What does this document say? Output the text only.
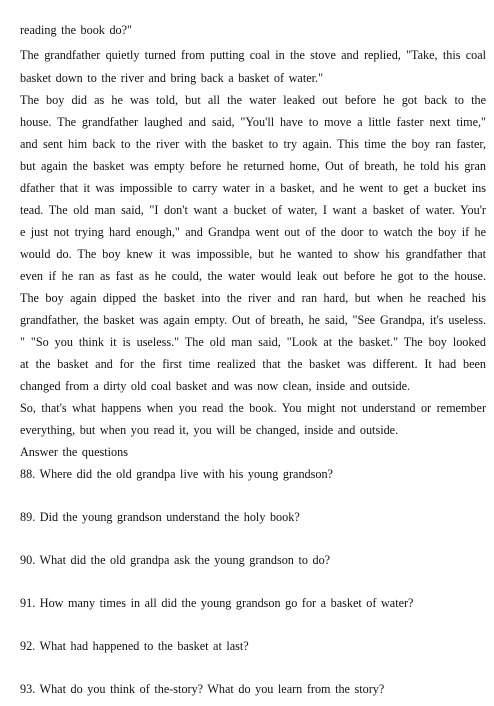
reading the book do?"
The grandfather quietly turned from putting coal in the stove and replied, "Take, this coal
basket down to the river and bring back a basket of water."
The boy did as he was told, but all the water leaked out before he got back to the
house. The grandfather laughed and said, "You'll have to move a little faster next time,"
and sent him back to the river with the basket to try again. This time the boy ran faster,
but again the basket was empty before he returned home, Out of breath, he told his gran
dfather that it was impossible to carry water in a basket, and he went to get a bucket ins
tead. The old man said, "I don't want a bucket of water, I want a basket of water. You'r
e just not trying hard enough," and Grandpa went out of the door to watch the boy if he
would do. The boy knew it was impossible, but he wanted to show his grandfather that
even if he ran as fast as he could, the water would leak out before he got to the house.
The boy again dipped the basket into the river and ran hard, but when he reached his
grandfather, the basket was again empty. Out of breath, he said, "See Grandpa, it's useless.
" "So you think it is useless." The old man said, "Look at the basket." The boy looked
at the basket and for the first time realized that the basket was different. It had been
changed from a dirty old coal basket and was now clean, inside and outside.
So, that's what happens when you read the book. You might not understand or remember
everything, but when you read it, you will be changed, inside and outside.
Answer the questions
88. Where did the old grandpa live with his young grandson?
89. Did the young grandson understand the holy book?
90. What did the old grandpa ask the young grandson to do?
91. How many times in all did the young grandson go for a basket of water?
92. What had happened to the basket at last?
93. What do you think of the-story? What do you learn from the story?
